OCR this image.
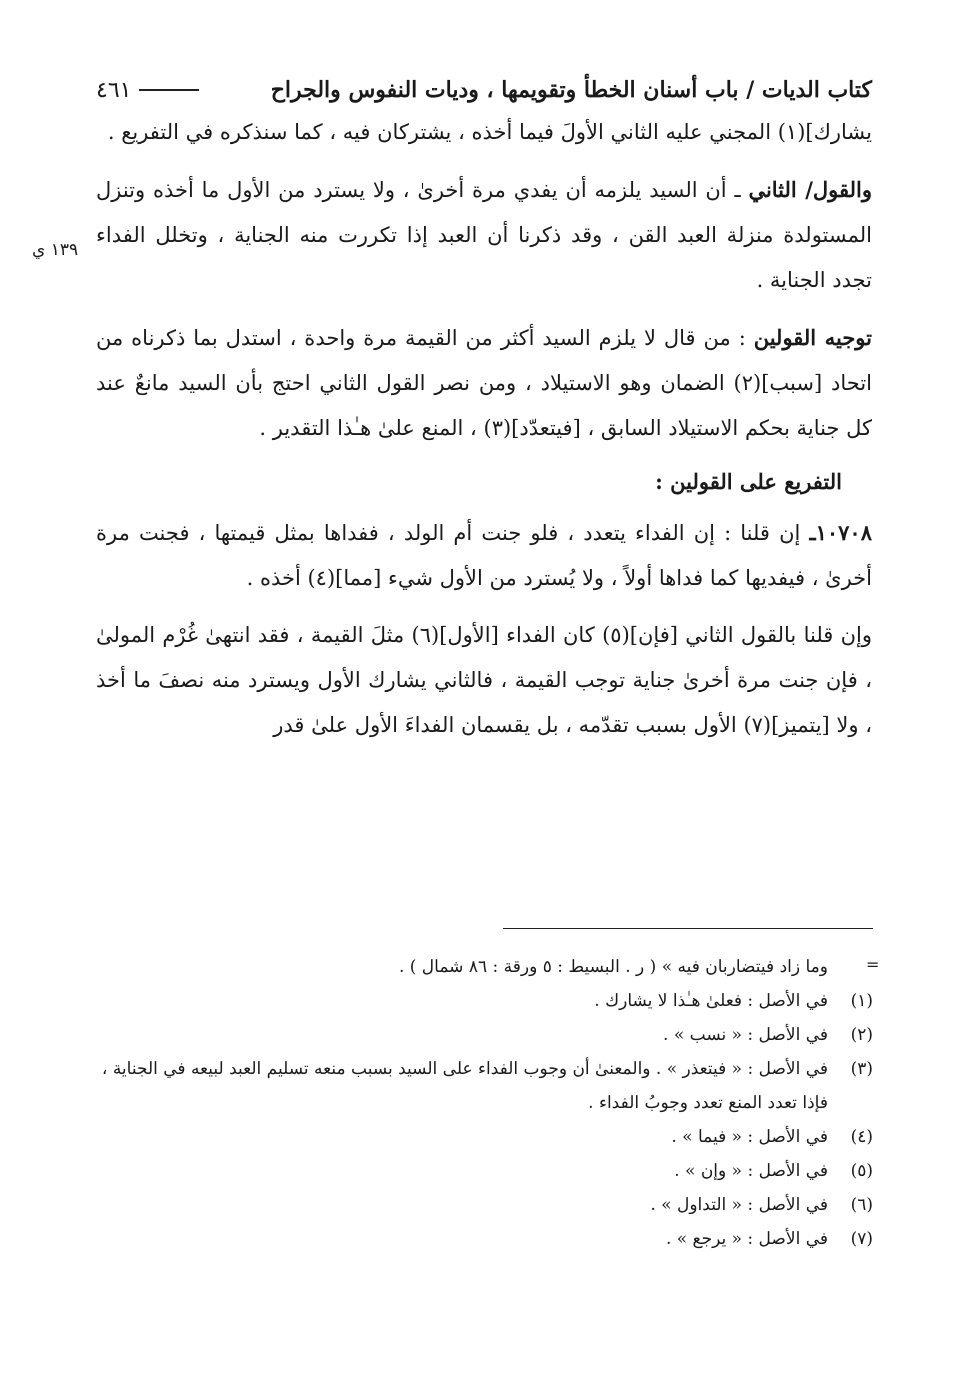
كتاب الديات / باب أسنان الخطأ وتقويمها ، وديات النفوس والجراح
٤٦١

يشارك](١) المجني عليه الثاني الأولَ فيما أخذه ، يشتركان فيه ، كما سنذكره في التفريع .

والقول/ الثاني ـ أن السيد يلزمه أن يفدي مرة أخرىٰ ، ولا يسترد من الأول ما أخذه وتنزل المستولدة منزلة العبد القن ، وقد ذكرنا أن العبد إذا تكررت منه الجناية ، وتخلل الفداء تجدد الجناية .

توجيه القولين : من قال لا يلزم السيد أكثر من القيمة مرة واحدة ، استدل بما ذكرناه من اتحاد [سبب](٢) الضمان وهو الاستيلاد ، ومن نصر القول الثاني احتج بأن السيد مانعٌ عند كل جناية بحكم الاستيلاد السابق ، [فيتعدّد](٣) ، المنع علىٰ هـٰذا التقدير .

التفريع على القولين :

١٠٧٠٨ـ إن قلنا : إن الفداء يتعدد ، فلو جنت أم الولد ، ففداها بمثل قيمتها ، فجنت مرة أخرىٰ ، فيفديها كما فداها أولاً ، ولا يُسترد من الأول شيء [مما](٤) أخذه .

وإن قلنا بالقول الثاني [فإن](٥) كان الفداء [الأول](٦) مثلَ القيمة ، فقد انتهىٰ غُرْم المولىٰ ، فإن جنت مرة أخرىٰ جناية توجب القيمة ، فالثاني يشارك الأول ويسترد منه نصفَ ما أخذ ، ولا [يتميز](٧) الأول بسبب تقدّمه ، بل يقسمان الفداءَ الأول علىٰ قدر

١٣٩ ي
=
وما زاد فيتضاربان فيه » ( ر . البسيط : ٥ ورقة : ٨٦ شمال ) .
(١)
في الأصل : فعلىٰ هـٰذا لا يشارك .
(٢)
في الأصل : « نسب » .
(٣)
في الأصل : « فيتعذر » . والمعنىٰ أن وجوب الفداء على السيد بسبب منعه تسليم العبد لبيعه في الجناية ، فإذا تعدد المنع تعدد وجوبُ الفداء .
(٤)
في الأصل : « فيما » .
(٥)
في الأصل : « وإن » .
(٦)
في الأصل : « التداول » .
(٧)
في الأصل : « يرجع » .
